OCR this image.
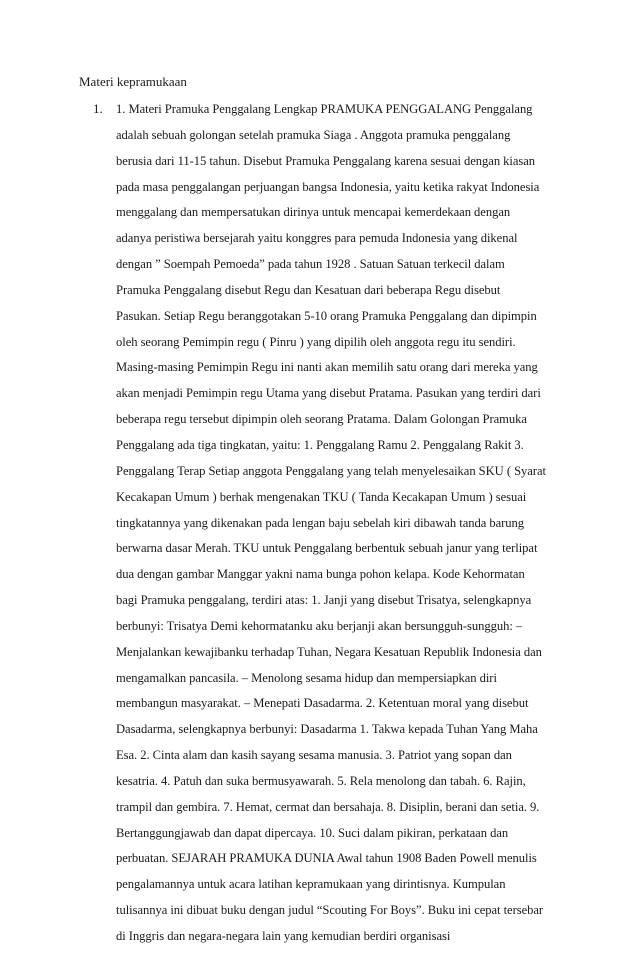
Materi kepramukaan
1. 1. Materi Pramuka Penggalang Lengkap PRAMUKA PENGGALANG Penggalang
adalah sebuah golongan setelah pramuka Siaga . Anggota pramuka penggalang
berusia dari 11-15 tahun. Disebut Pramuka Penggalang karena sesuai dengan kiasan
pada masa penggalangan perjuangan bangsa Indonesia, yaitu ketika rakyat Indonesia
menggalang dan mempersatukan dirinya untuk mencapai kemerdekaan dengan
adanya peristiwa bersejarah yaitu konggres para pemuda Indonesia yang dikenal
dengan ” Soempah Pemoeda” pada tahun 1928 . Satuan Satuan terkecil dalam
Pramuka Penggalang disebut Regu dan Kesatuan dari beberapa Regu disebut
Pasukan. Setiap Regu beranggotakan 5-10 orang Pramuka Penggalang dan dipimpin
oleh seorang Pemimpin regu ( Pinru ) yang dipilih oleh anggota regu itu sendiri.
Masing-masing Pemimpin Regu ini nanti akan memilih satu orang dari mereka yang
akan menjadi Pemimpin regu Utama yang disebut Pratama. Pasukan yang terdiri dari
beberapa regu tersebut dipimpin oleh seorang Pratama. Dalam Golongan Pramuka
Penggalang ada tiga tingkatan, yaitu: 1. Penggalang Ramu 2. Penggalang Rakit 3.
Penggalang Terap Setiap anggota Penggalang yang telah menyelesaikan SKU ( Syarat
Kecakapan Umum ) berhak mengenakan TKU ( Tanda Kecakapan Umum ) sesuai
tingkatannya yang dikenakan pada lengan baju sebelah kiri dibawah tanda barung
berwarna dasar Merah. TKU untuk Penggalang berbentuk sebuah janur yang terlipat
dua dengan gambar Manggar yakni nama bunga pohon kelapa. Kode Kehormatan
bagi Pramuka penggalang, terdiri atas: 1. Janji yang disebut Trisatya, selengkapnya
berbunyi: Trisatya Demi kehormatanku aku berjanji akan bersungguh-sungguh: –
Menjalankan kewajibanku terhadap Tuhan, Negara Kesatuan Republik Indonesia dan
mengamalkan pancasila. – Menolong sesama hidup dan mempersiapkan diri
membangun masyarakat. – Menepati Dasadarma. 2. Ketentuan moral yang disebut
Dasadarma, selengkapnya berbunyi: Dasadarma 1. Takwa kepada Tuhan Yang Maha
Esa. 2. Cinta alam dan kasih sayang sesama manusia. 3. Patriot yang sopan dan
kesatria. 4. Patuh dan suka bermusyawarah. 5. Rela menolong dan tabah. 6. Rajin,
trampil dan gembira. 7. Hemat, cermat dan bersahaja. 8. Disiplin, berani dan setia. 9.
Bertanggungjawab dan dapat dipercaya. 10. Suci dalam pikiran, perkataan dan
perbuatan. SEJARAH PRAMUKA DUNIA Awal tahun 1908 Baden Powell menulis
pengalamannya untuk acara latihan kepramukaan yang dirintisnya. Kumpulan
tulisannya ini dibuat buku dengan judul “Scouting For Boys”. Buku ini cepat tersebar
di Inggris dan negara-negara lain yang kemudian berdiri organisasi
